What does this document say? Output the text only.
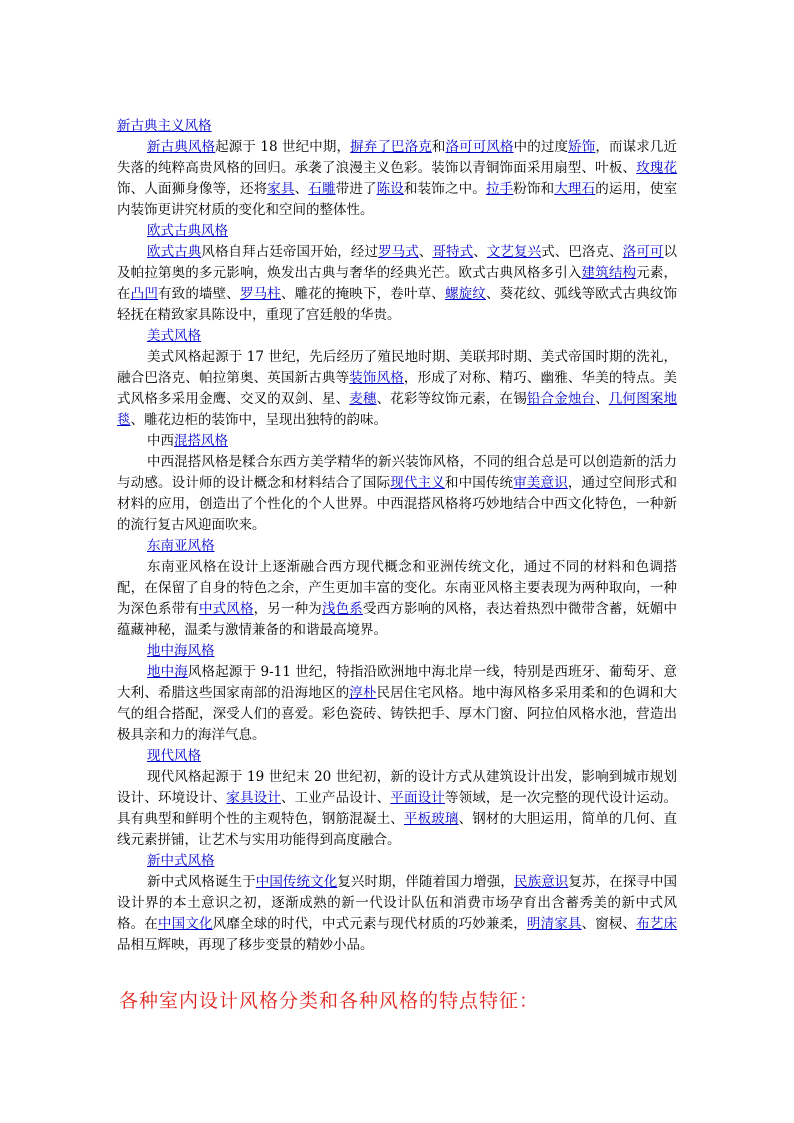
新古典主义风格

新古典风格起源于 18 世纪中期，摒弃了巴洛克和洛可可风格中的过度矫饰，而谋求几近失落的纯粹高贵风格的回归。承袭了浪漫主义色彩。装饰以青铜饰面采用扇型、叶板、玫瑰花饰、人面狮身像等，还将家具、石雕带进了陈设和装饰之中。拉手粉饰和大理石的运用，使室内装饰更讲究材质的变化和空间的整体性。

欧式古典风格

欧式古典风格自拜占廷帝国开始，经过罗马式、哥特式、文艺复兴式、巴洛克、洛可可以及帕拉第奥的多元影响，焕发出古典与奢华的经典光芒。欧式古典风格多引入建筑结构元素，在凸凹有致的墙壁、罗马柱、雕花的掩映下，卷叶草、螺旋纹、葵花纹、弧线等欧式古典纹饰轻抚在精致家具陈设中，重现了宫廷般的华贵。

美式风格

美式风格起源于 17 世纪，先后经历了殖民地时期、美联邦时期、美式帝国时期的洗礼，融合巴洛克、帕拉第奥、英国新古典等装饰风格，形成了对称、精巧、幽雅、华美的特点。美式风格多采用金鹰、交叉的双剑、星、麦穗、花彩等纹饰元素，在锡铅合金烛台、几何图案地毯、雕花边柜的装饰中，呈现出独特的韵味。

中西混搭风格

中西混搭风格是糅合东西方美学精华的新兴装饰风格，不同的组合总是可以创造新的活力与动感。设计师的设计概念和材料结合了国际现代主义和中国传统审美意识，通过空间形式和材料的应用，创造出了个性化的个人世界。中西混搭风格将巧妙地结合中西文化特色，一种新的流行复古风迎面吹来。

东南亚风格

东南亚风格在设计上逐渐融合西方现代概念和亚洲传统文化，通过不同的材料和色调搭配，在保留了自身的特色之余，产生更加丰富的变化。东南亚风格主要表现为两种取向，一种为深色系带有中式风格，另一种为浅色系受西方影响的风格，表达着热烈中微带含蓄，妩媚中蕴藏神秘，温柔与激情兼备的和谐最高境界。

地中海风格

地中海风格起源于 9-11 世纪，特指沿欧洲地中海北岸一线，特别是西班牙、葡萄牙、意大利、希腊这些国家南部的沿海地区的淳朴民居住宅风格。地中海风格多采用柔和的色调和大气的组合搭配，深受人们的喜爱。彩色瓷砖、铸铁把手、厚木门窗、阿拉伯风格水池，营造出极具亲和力的海洋气息。

现代风格

现代风格起源于 19 世纪末 20 世纪初，新的设计方式从建筑设计出发，影响到城市规划设计、环境设计、家具设计、工业产品设计、平面设计等领域，是一次完整的现代设计运动。具有典型和鲜明个性的主观特色，钢筋混凝土、平板玻璃、钢材的大胆运用，简单的几何、直线元素拼铺，让艺术与实用功能得到高度融合。

新中式风格

新中式风格诞生于中国传统文化复兴时期，伴随着国力增强，民族意识复苏，在探寻中国设计界的本土意识之初，逐渐成熟的新一代设计队伍和消费市场孕育出含蓄秀美的新中式风格。在中国文化风靡全球的时代，中式元素与现代材质的巧妙兼柔，明清家具、窗棂、布艺床品相互辉映，再现了移步变景的精妙小品。

各种室内设计风格分类和各种风格的特点特征：
